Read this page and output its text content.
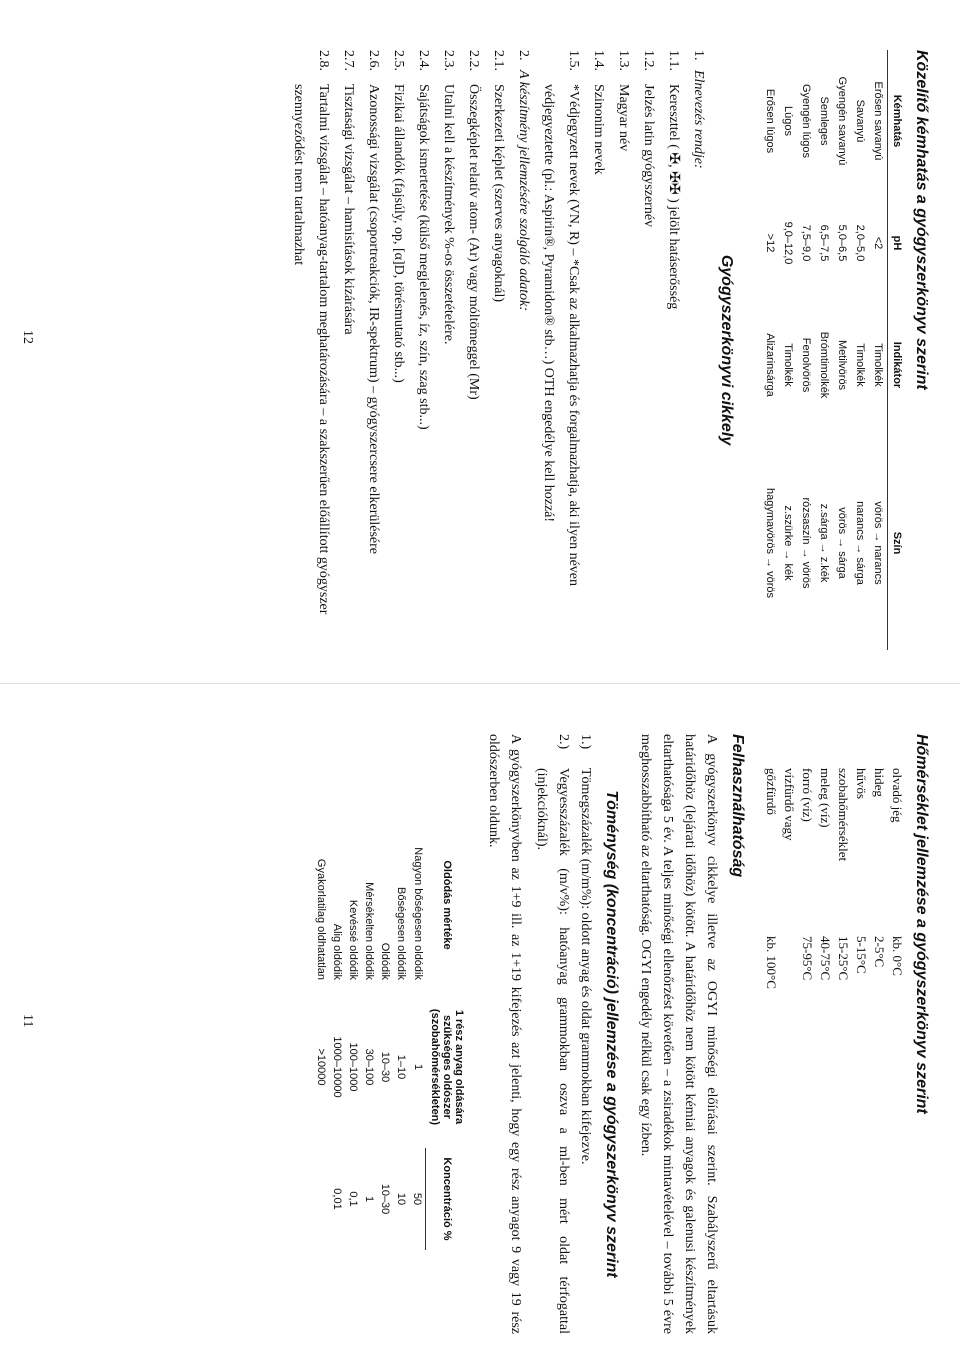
Hőmérséklet jellemzése a gyógyszerkönyv szerint
olvadó jég	kb. 0°C
hideg	2-5°C
hűvös	5-15°C
szobahőmérséklet	15-25°C
meleg (víz)	40-75°C
forró (víz)	75-95°C
vízfürdő vagy	
gőzfürdő	kb. 100°C
Felhasználhatóság
A gyógyszerkönyv cikkelye illetve az OGYI minőségi előírásai szerint. Szabályszerű eltartásuk határidőhöz (lejárati időhöz) kötött. A határidőhöz nem kötött kémiai anyagok és galenusi készítmények eltarthatósága 5 év. A teljes minőségi ellenőrzést követően – a zsiradékok mintavételével – további 5 évre meghosszabbítható az eltarthatóság. OGYI engedély nélkül csak egy ízben.
Töménység (koncentráció) jellemzése a gyógyszerkönyv szerint
1.)
Tömegszázalék (m/m%): oldott anyag és oldat grammokban kifejezve.
2.)
Vegyesszázalék (m/v%): hatóanyag grammokban oszva a ml-ben mért oldat térfogattal (injekcióknál).
A gyógyszerkönyvben az 1+9 ill. az 1+19 kifejezés azt jelenti, hogy egy rész anyagot 9 vagy 19 rész oldószerben oldunk.
Oldódás mértéke	1 rész anyag oldására szükséges oldószer (szobahőmérsékleten)	Koncentráció %
Nagyon bőségesen oldódik	1	50
Bőségesen oldódik	1–10	10
Oldódik	10–30	10–30
Mérsékelten oldódik	30–100	1
Kevéssé oldódik	100–1000	0,1
Alig oldódik	1000–10000	0,01
Gyakorlatilag oldhatatlan	>10000	
11
Közelítő kémhatás a gyógyszerkönyv szerint
Kémhatás	pH	Indikátor	Szín
Erősen savanyú	<2	Timolkék	vörös → narancs
Savanyú	2,0–5,0	Timolkék	narancs → sárga
Gyengén savanyú	5,0–6,5	Metilvörös	vörös → sárga
Semleges	6,5–7,5	Brómtimolkék	z.sárga → z.kék
Gyengén lúgos	7,5–9,0	Fenolvörös	rózsaszín → vörös
Lúgos	9,0–12,0	Timolkék	z.szürke → kék
Erősen lúgos	>12	Alizarinsárga	hagymavörös → vörös
Gyógyszerkönyvi cikkely
1.
Elnevezés rendje:
1.1.
Kereszttel ( ✠, ✠✠ ) jelölt hatáserősség
1.2.
Jelzés latin gyógyszernév
1.3.
Magyar név
1.4.
Szinonim nevek
1.5.
*Védjegyzett nevek (VN, R) – *Csak az alkalmazhatja és forgalmazhatja, aki ilyen néven védjegyeztette (pl.: Aspirin®, Pyramidon® stb…) OTH engedélye kell hozzá!
2.
A készítmény jellemzésére szolgáló adatok:
2.1.
Szerkezeti képlet (szerves anyagoknál)
2.2.
Összegképlet relatív atom- (Ar) vagy móltömeggel (Mr)
2.3.
Utalni kell a készítmények %-os összetételére.
2.4.
Sajátságok ismertetése (külső megjelenés, íz, szín, szag stb...)
2.5.
Fizikai állandók (fajsúly, op, [α]D, törésmutató stb...)
2.6.
Azonossági vizsgálat (csoportreakciók, IR-spektrum) – gyógyszercsere elkerülésére
2.7.
Tisztasági vizsgálat – hamisítások kizárására
2.8.
Tartalmi vizsgálat – hatóanyag-tartalom meghatározására – a szakszerűen előállított gyógyszer szennyeződést nem tartalmazhat
12
